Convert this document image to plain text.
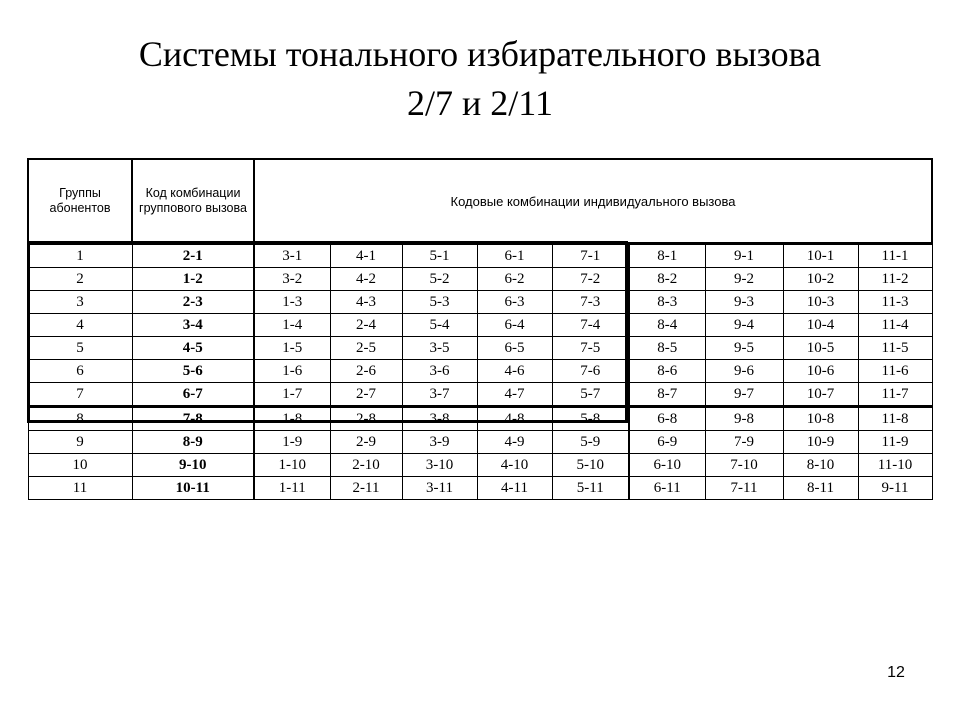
Системы тонального избирательного вызова
2/7 и 2/11
Группы абонентов	Код комбинации группового вызова	Кодовые комбинации индивидуального вызова								
1	2-1	3-1	4-1	5-1	6-1	7-1	8-1	9-1	10-1	11-1
2	1-2	3-2	4-2	5-2	6-2	7-2	8-2	9-2	10-2	11-2
3	2-3	1-3	4-3	5-3	6-3	7-3	8-3	9-3	10-3	11-3
4	3-4	1-4	2-4	5-4	6-4	7-4	8-4	9-4	10-4	11-4
5	4-5	1-5	2-5	3-5	6-5	7-5	8-5	9-5	10-5	11-5
6	5-6	1-6	2-6	3-6	4-6	7-6	8-6	9-6	10-6	11-6
7	6-7	1-7	2-7	3-7	4-7	5-7	8-7	9-7	10-7	11-7
8	7-8	1-8	2-8	3-8	4-8	5-8	6-8	9-8	10-8	11-8
9	8-9	1-9	2-9	3-9	4-9	5-9	6-9	7-9	10-9	11-9
10	9-10	1-10	2-10	3-10	4-10	5-10	6-10	7-10	8-10	11-10
11	10-11	1-11	2-11	3-11	4-11	5-11	6-11	7-11	8-11	9-11
12
